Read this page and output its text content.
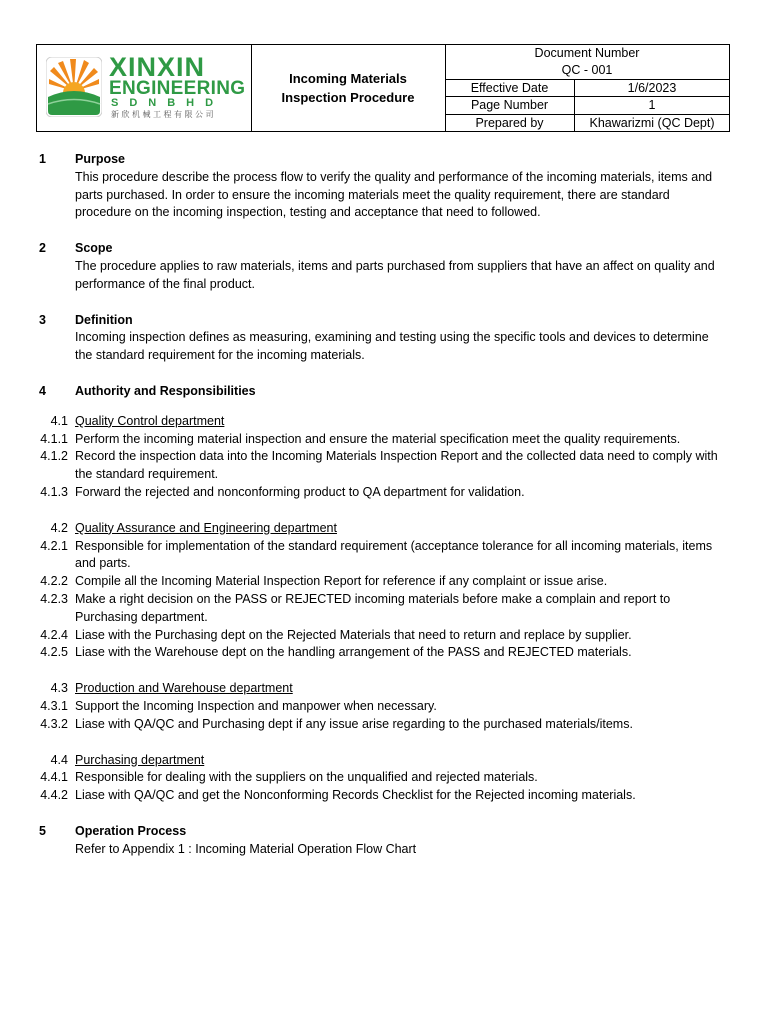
XINXIN
ENGINEERING
SDNBHD
新欣机械工程有限公司
Incoming Materials
Inspection Procedure
Document Number
QC - 001
Effective Date	1/6/2023
Page Number	1
Prepared by	Khawarizmi (QC Dept)
1 Purpose
This procedure describe the process flow to verify the quality and performance of the incoming materials, items and parts purchased. In order to ensure the incoming materials meet the quality requirement, there are standard procedure on the incoming inspection, testing and acceptance that need to followed.
2 Scope
The procedure applies to raw materials, items and parts purchased from suppliers that have an affect on quality and performance of the final product.
3 Definition
Incoming inspection defines as measuring, examining and testing using the specific tools and devices to determine the standard requirement for the incoming materials.
4 Authority and Responsibilities
4.1 Quality Control department
4.1.1 Perform the incoming material inspection and ensure the material specification meet the quality requirements.
4.1.2 Record the inspection data into the Incoming Materials Inspection Report and the collected data need to comply with the standard requirement.
4.1.3 Forward the rejected and nonconforming product to QA department for validation.
4.2 Quality Assurance and Engineering department
4.2.1 Responsible for implementation of the standard requirement (acceptance tolerance for all incoming materials, items and parts.
4.2.2 Compile all the Incoming Material Inspection Report for reference if any complaint or issue arise.
4.2.3 Make a right decision on the PASS or REJECTED incoming materials before make a complain and report to Purchasing department.
4.2.4 Liase with the Purchasing dept on the Rejected Materials that need to return and replace by supplier.
4.2.5 Liase with the Warehouse dept on the handling arrangement of the PASS and REJECTED materials.
4.3 Production and Warehouse department
4.3.1 Support the Incoming Inspection and manpower when necessary.
4.3.2 Liase with QA/QC and Purchasing dept if any issue arise regarding to the purchased materials/items.
4.4 Purchasing department
4.4.1 Responsible for dealing with the suppliers on the unqualified and rejected materials.
4.4.2 Liase with QA/QC and get the Nonconforming Records Checklist for the Rejected incoming materials.
5 Operation Process
Refer to Appendix 1 : Incoming Material Operation Flow Chart
